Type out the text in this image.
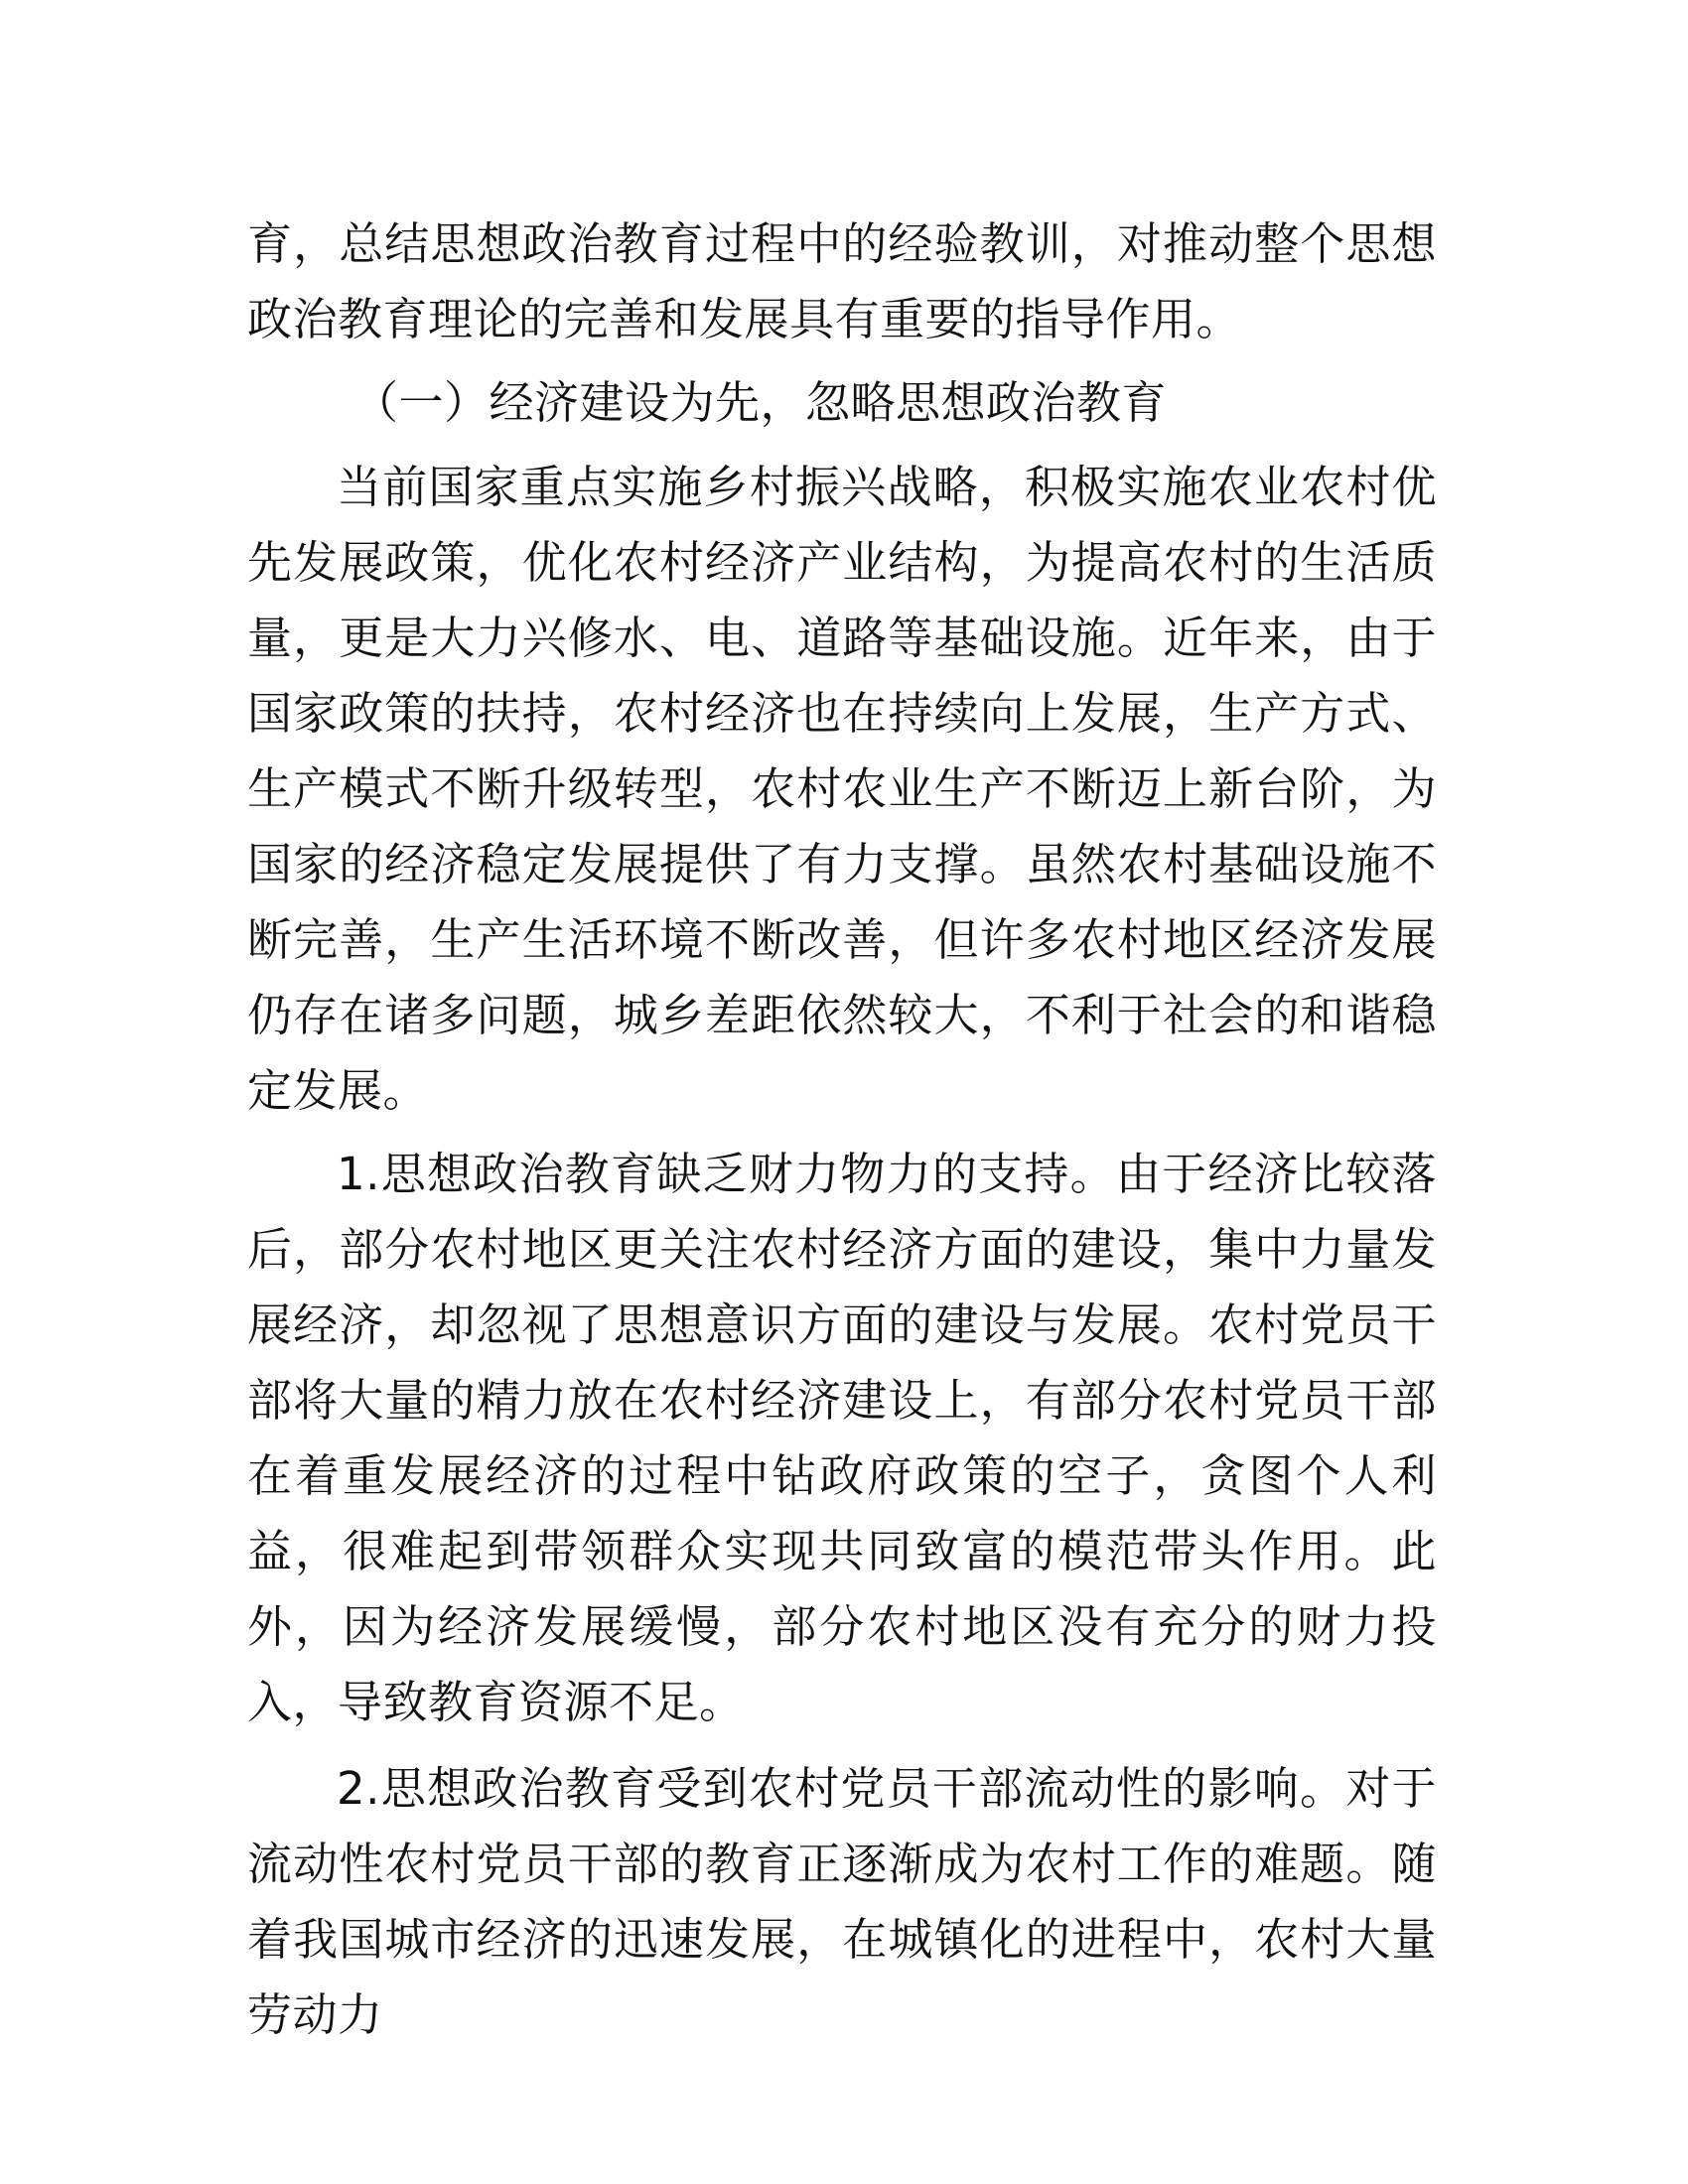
育，总结思想政治教育过程中的经验教训，对推动整个思想政治教育理论的完善和发展具有重要的指导作用。

（一）经济建设为先，忽略思想政治教育

当前国家重点实施乡村振兴战略，积极实施农业农村优先发展政策，优化农村经济产业结构，为提高农村的生活质量，更是大力兴修水、电、道路等基础设施。近年来，由于国家政策的扶持，农村经济也在持续向上发展，生产方式、生产模式不断升级转型，农村农业生产不断迈上新台阶，为国家的经济稳定发展提供了有力支撑。虽然农村基础设施不断完善，生产生活环境不断改善，但许多农村地区经济发展仍存在诸多问题，城乡差距依然较大，不利于社会的和谐稳定发展。

1.思想政治教育缺乏财力物力的支持。由于经济比较落后，部分农村地区更关注农村经济方面的建设，集中力量发展经济，却忽视了思想意识方面的建设与发展。农村党员干部将大量的精力放在农村经济建设上，有部分农村党员干部在着重发展经济的过程中钻政府政策的空子，贪图个人利益，很难起到带领群众实现共同致富的模范带头作用。此外，因为经济发展缓慢，部分农村地区没有充分的财力投入，导致教育资源不足。

2.思想政治教育受到农村党员干部流动性的影响。对于流动性农村党员干部的教育正逐渐成为农村工作的难题。随着我国城市经济的迅速发展，在城镇化的进程中，农村大量劳动力
